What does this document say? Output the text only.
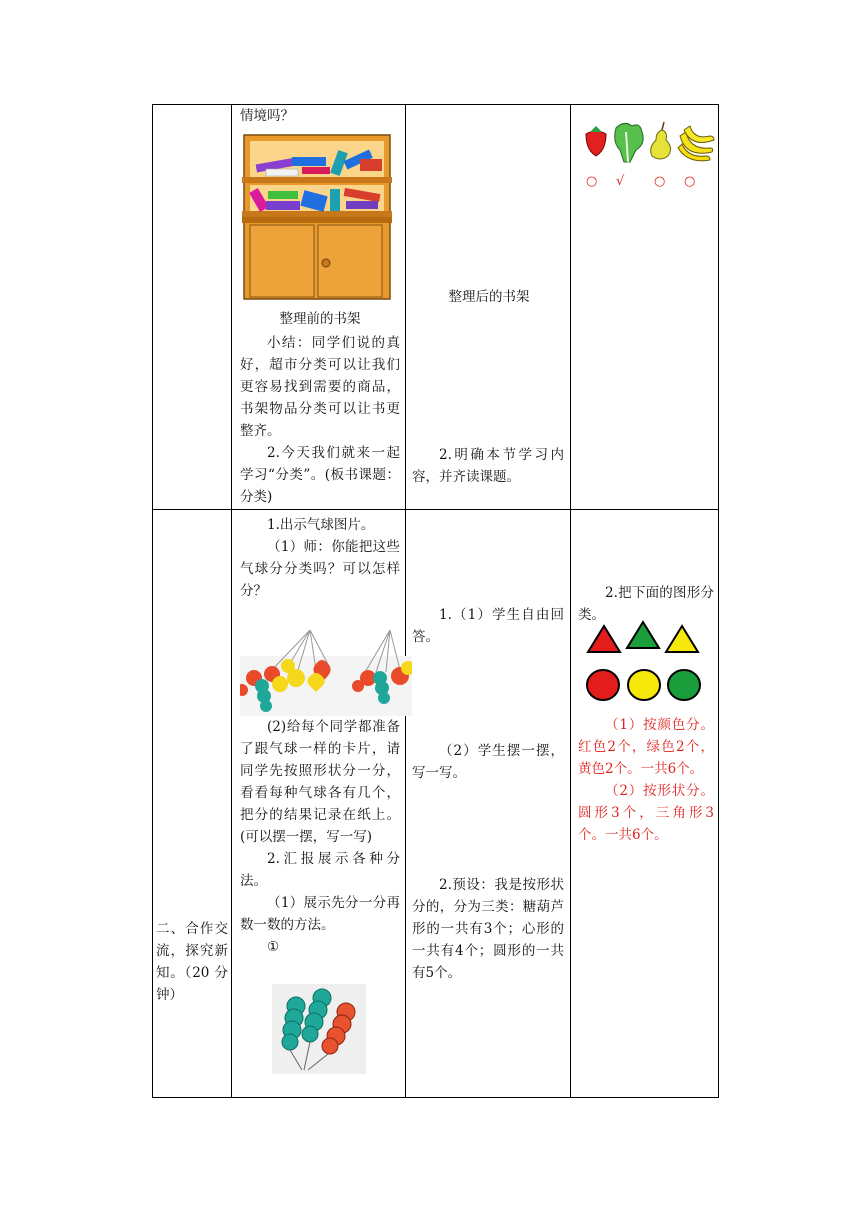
情境吗？

整理前的书架

小结：同学们说的真好，超市分类可以让我们更容易找到需要的商品，书架物品分类可以让书更整齐。

2.今天我们就来一起学习“分类”。(板书课题：分类)

整理后的书架

2.明确本节学习内容，并齐读课题。

○ √ ○ ○

二、合作交流，探究新知。（20 分钟）

1.出示气球图片。

（1）师：你能把这些气球分分类吗？可以怎样分？

(2)给每个同学都准备了跟气球一样的卡片，请同学先按照形状分一分，看看每种气球各有几个，把分的结果记录在纸上。(可以摆一摆，写一写)

2.汇报展示各种分法。

（1）展示先分一分再数一数的方法。

①

1.（1）学生自由回答。

（2）学生摆一摆，写一写。

2.预设：我是按形状分的，分为三类：糖葫芦形的一共有3个；心形的一共有4个；圆形的一共有5个。

2.把下面的图形分类。

（1）按颜色分。红色2个，绿色2个，黄色2个。一共6个。

（2）按形状分。圆形3个，三角形3个。一共6个。
